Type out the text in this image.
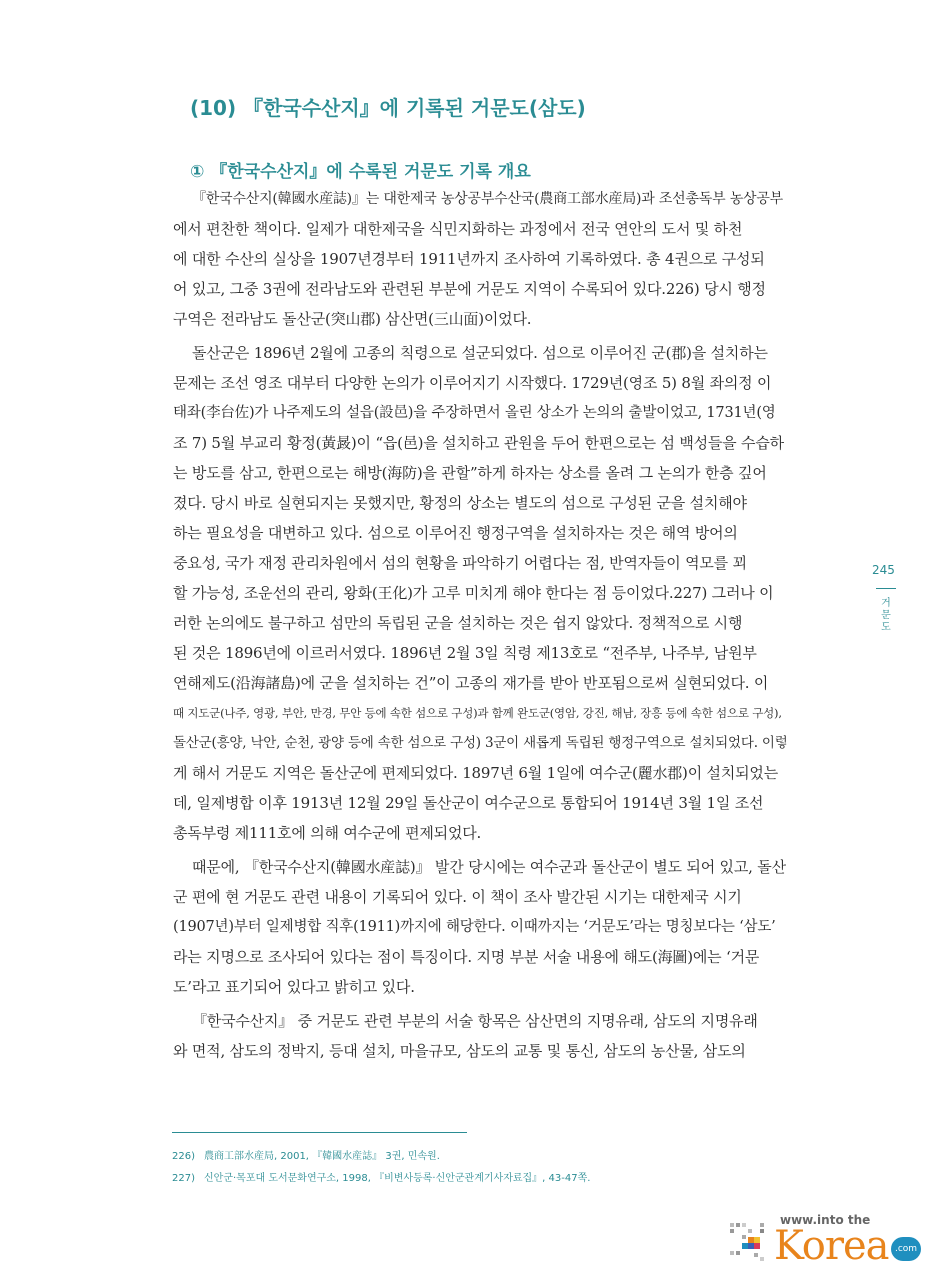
(10) 『한국수산지』에 기록된 거문도(삼도)
① 『한국수산지』에 수록된 거문도 기록 개요
『한국수산지(韓國水産誌)』는 대한제국 농상공부수산국(農商工部水産局)과 조선총독부 농상공부
에서 편찬한 책이다. 일제가 대한제국을 식민지화하는 과정에서 전국 연안의 도서 및 하천
에 대한 수산의 실상을 1907년경부터 1911년까지 조사하여 기록하였다. 총 4권으로 구성되
어 있고, 그중 3권에 전라남도와 관련된 부분에 거문도 지역이 수록되어 있다.226) 당시 행정
구역은 전라남도 돌산군(突山郡) 삼산면(三山面)이었다.
돌산군은 1896년 2월에 고종의 칙령으로 설군되었다. 섬으로 이루어진 군(郡)을 설치하는
문제는 조선 영조 대부터 다양한 논의가 이루어지기 시작했다. 1729년(영조 5) 8월 좌의정 이
태좌(李台佐)가 나주제도의 설읍(設邑)을 주장하면서 올린 상소가 논의의 출발이었고, 1731년(영
조 7) 5월 부교리 황정(黃晸)이 “읍(邑)을 설치하고 관원을 두어 한편으로는 섬 백성들을 수습하
는 방도를 삼고, 한편으로는 해방(海防)을 관할”하게 하자는 상소를 올려 그 논의가 한층 깊어
졌다. 당시 바로 실현되지는 못했지만, 황정의 상소는 별도의 섬으로 구성된 군을 설치해야
하는 필요성을 대변하고 있다. 섬으로 이루어진 행정구역을 설치하자는 것은 해역 방어의
중요성, 국가 재정 관리차원에서 섬의 현황을 파악하기 어렵다는 점, 반역자들이 역모를 꾀
할 가능성, 조운선의 관리, 왕화(王化)가 고루 미치게 해야 한다는 점 등이었다.227) 그러나 이
러한 논의에도 불구하고 섬만의 독립된 군을 설치하는 것은 쉽지 않았다. 정책적으로 시행
된 것은 1896년에 이르러서였다. 1896년 2월 3일 칙령 제13호로 “전주부, 나주부, 남원부
연해제도(沿海諸島)에 군을 설치하는 건”이 고종의 재가를 받아 반포됨으로써 실현되었다. 이
때 지도군(나주, 영광, 부안, 만경, 무안 등에 속한 섬으로 구성)과 함께 완도군(영암, 강진, 해남, 장흥 등에 속한 섬으로 구성),
돌산군(흥양, 낙안, 순천, 광양 등에 속한 섬으로 구성) 3군이 새롭게 독립된 행정구역으로 설치되었다. 이렇
게 해서 거문도 지역은 돌산군에 편제되었다. 1897년 6월 1일에 여수군(麗水郡)이 설치되었는
데, 일제병합 이후 1913년 12월 29일 돌산군이 여수군으로 통합되어 1914년 3월 1일 조선
총독부령 제111호에 의해 여수군에 편제되었다.
때문에, 『한국수산지(韓國水産誌)』 발간 당시에는 여수군과 돌산군이 별도 되어 있고, 돌산
군 편에 현 거문도 관련 내용이 기록되어 있다. 이 책이 조사 발간된 시기는 대한제국 시기
(1907년)부터 일제병합 직후(1911)까지에 해당한다. 이때까지는 ‘거문도’라는 명칭보다는 ‘삼도’
라는 지명으로 조사되어 있다는 점이 특징이다. 지명 부분 서술 내용에 해도(海圖)에는 ‘거문
도’라고 표기되어 있다고 밝히고 있다.
『한국수산지』 중 거문도 관련 부분의 서술 항목은 삼산면의 지명유래, 삼도의 지명유래
와 면적, 삼도의 정박지, 등대 설치, 마을규모, 삼도의 교통 및 통신, 삼도의 농산물, 삼도의
245
거문도
226) 農商工部水産局, 2001, 『韓國水産誌』 3권, 민속원.
227) 신안군·목포대 도서문화연구소, 1998, 『비변사등록·신안군관계기사자료집』, 43-47쪽.
www.into the
Korea .com
